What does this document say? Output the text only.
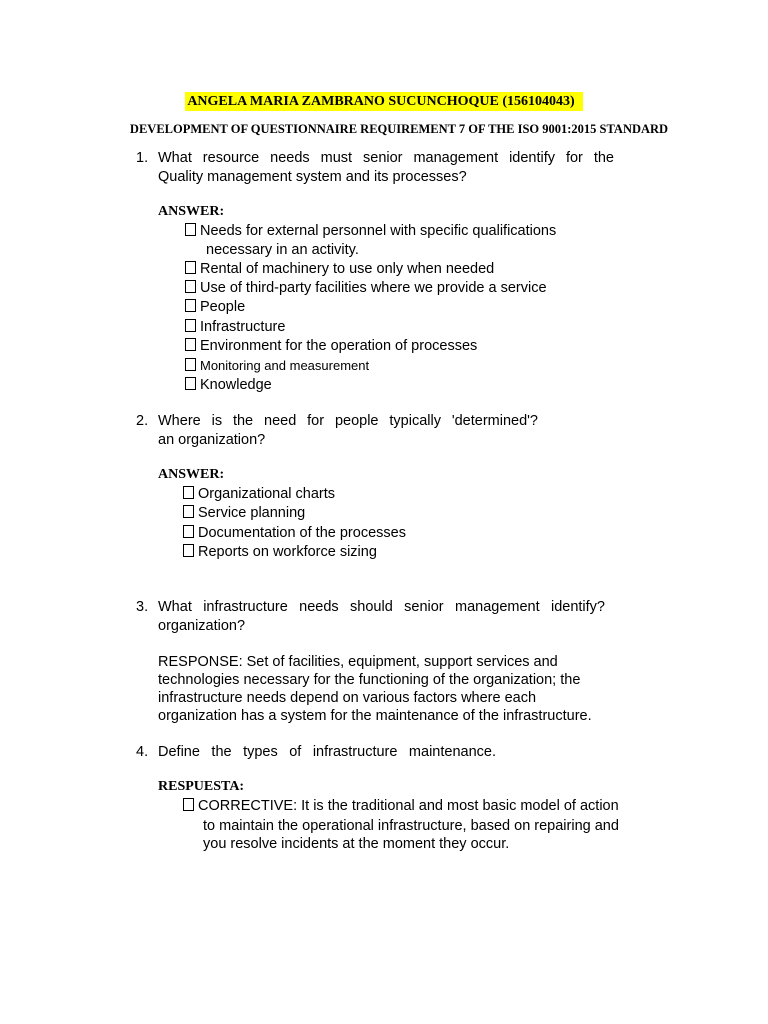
ANGELA MARIA ZAMBRANO SUCUNCHOQUE (156104043)
DEVELOPMENT OF QUESTIONNAIRE REQUIREMENT 7 OF THE ISO 9001:2015 STANDARD
1. What resource needs must senior management identify for the
Quality management system and its processes?
ANSWER:
Needs for external personnel with specific qualifications
necessary in an activity.
Rental of machinery to use only when needed
Use of third-party facilities where we provide a service
People
Infrastructure
Environment for the operation of processes
Monitoring and measurement
Knowledge
2. Where is the need for people typically 'determined'?
an organization?
ANSWER:
Organizational charts
Service planning
Documentation of the processes
Reports on workforce sizing
3. What infrastructure needs should senior management identify?
organization?
RESPONSE: Set of facilities, equipment, support services and
technologies necessary for the functioning of the organization; the
infrastructure needs depend on various factors where each
organization has a system for the maintenance of the infrastructure.
4. Define the types of infrastructure maintenance.
RESPUESTA:
CORRECTIVE: It is the traditional and most basic model of action
to maintain the operational infrastructure, based on repairing and
you resolve incidents at the moment they occur.
